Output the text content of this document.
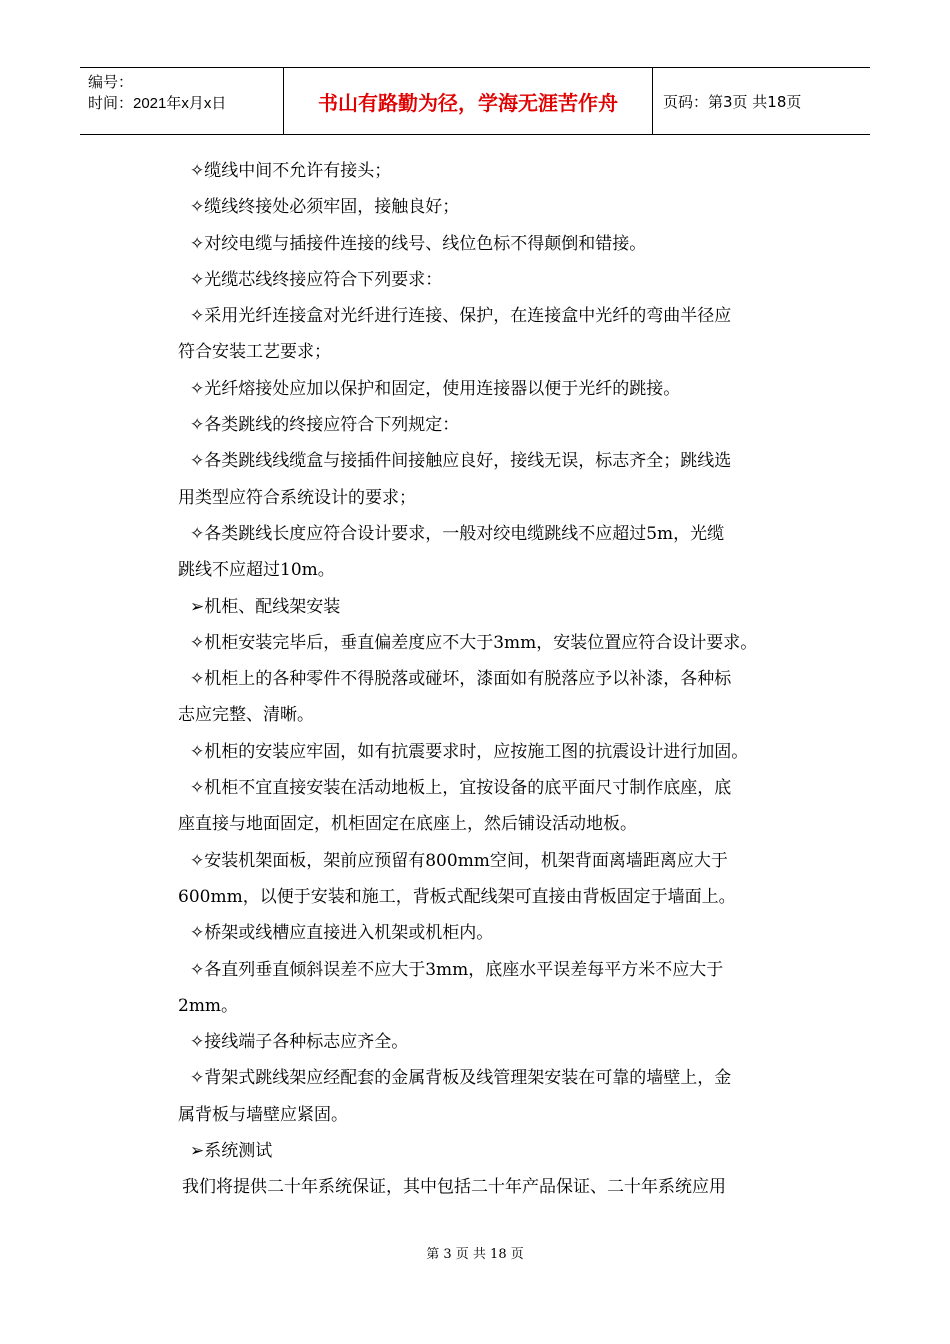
编号：
时间：2021年x月x日	书山有路勤为径，学海无涯苦作舟	页码：第3页 共18页
✧缆线中间不允许有接头；
✧缆线终接处必须牢固，接触良好；
✧对绞电缆与插接件连接的线号、线位色标不得颠倒和错接。
✧光缆芯线终接应符合下列要求：
✧采用光纤连接盒对光纤进行连接、保护，在连接盒中光纤的弯曲半径应
符合安装工艺要求；
✧光纤熔接处应加以保护和固定，使用连接器以便于光纤的跳接。
✧各类跳线的终接应符合下列规定：
✧各类跳线线缆盒与接插件间接触应良好，接线无误，标志齐全；跳线选
用类型应符合系统设计的要求；
✧各类跳线长度应符合设计要求，一般对绞电缆跳线不应超过5m，光缆
跳线不应超过10m。
➢机柜、配线架安装
✧机柜安装完毕后，垂直偏差度应不大于3mm，安装位置应符合设计要求。
✧机柜上的各种零件不得脱落或碰坏，漆面如有脱落应予以补漆，各种标
志应完整、清晰。
✧机柜的安装应牢固，如有抗震要求时，应按施工图的抗震设计进行加固。
✧机柜不宜直接安装在活动地板上，宜按设备的底平面尺寸制作底座，底
座直接与地面固定，机柜固定在底座上，然后铺设活动地板。
✧安装机架面板，架前应预留有800mm空间，机架背面离墙距离应大于
600mm，以便于安装和施工，背板式配线架可直接由背板固定于墙面上。
✧桥架或线槽应直接进入机架或机柜内。
✧各直列垂直倾斜误差不应大于3mm，底座水平误差每平方米不应大于
2mm。
✧接线端子各种标志应齐全。
✧背架式跳线架应经配套的金属背板及线管理架安装在可靠的墙壁上，金
属背板与墙壁应紧固。
➢系统测试
我们将提供二十年系统保证，其中包括二十年产品保证、二十年系统应用
第 3 页 共 18 页
